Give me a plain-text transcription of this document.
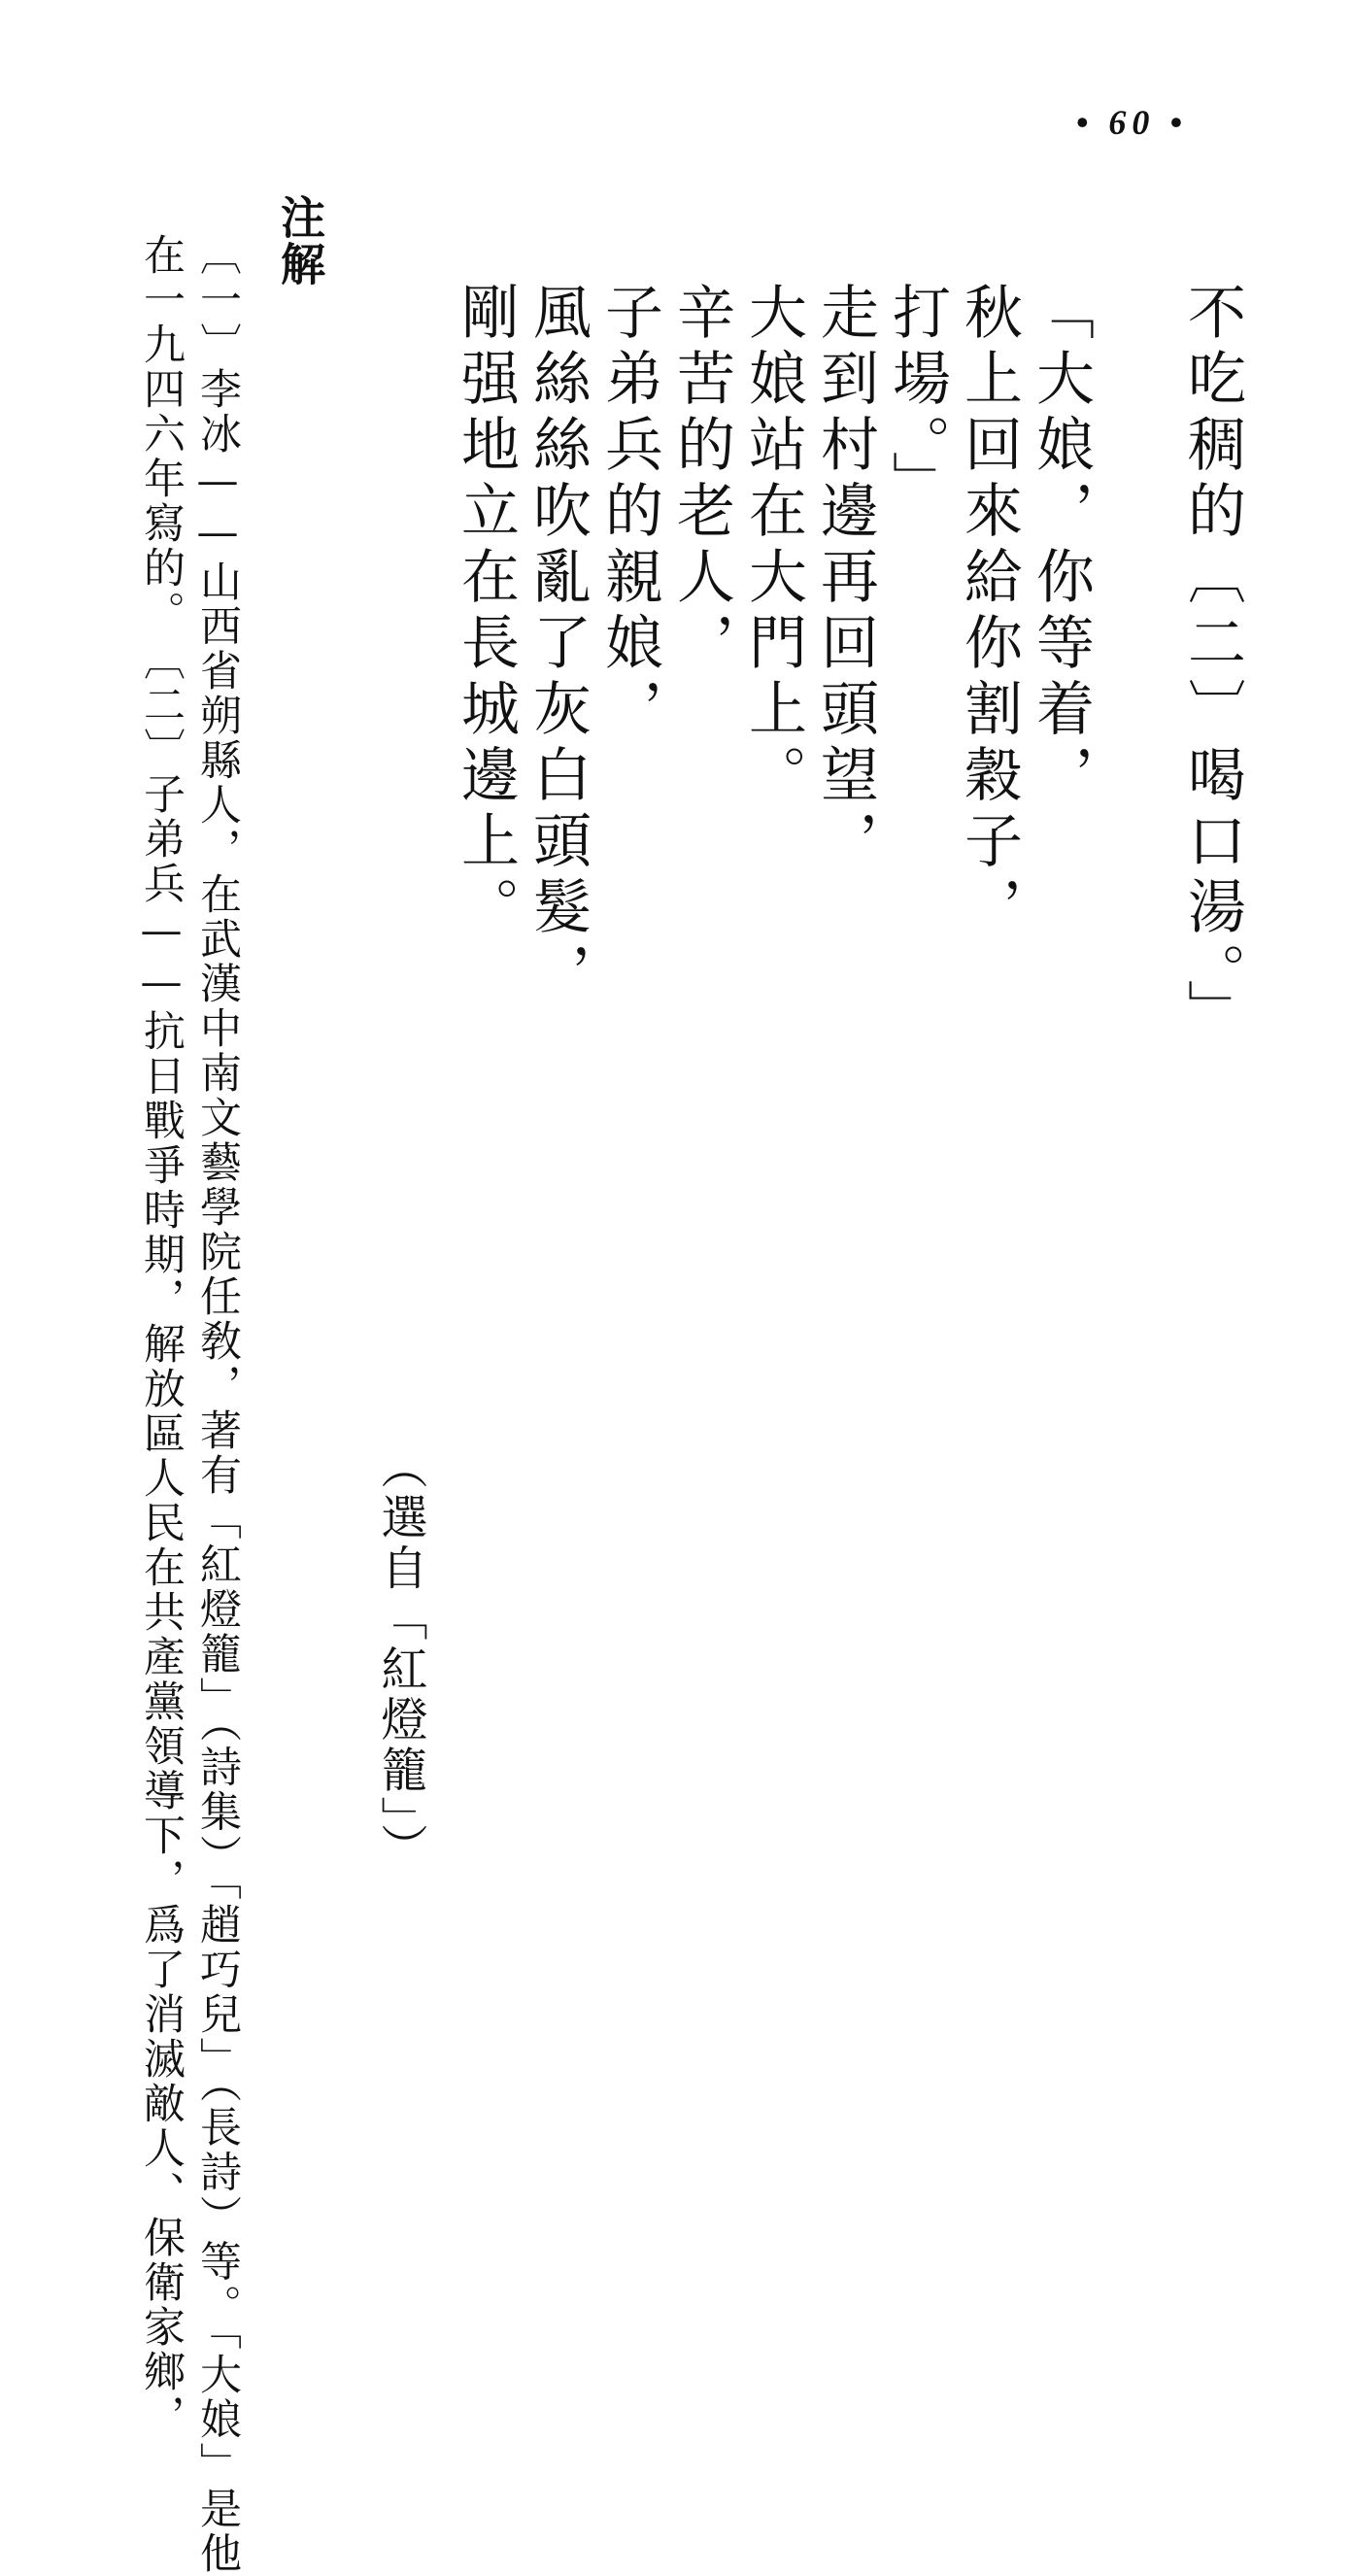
• 60 •
不吃稠的〔二〕喝口湯。」
「大娘，你等着，
秋上回來給你割穀子，
打場。」
走到村邊再回頭望，
大娘站在大門上。
辛苦的老人，
子弟兵的親娘，
風絲絲吹亂了灰白頭髮，
剛强地立在長城邊上。
（選自「紅燈籠」）
注解
〔一〕李冰——山西省朔縣人，在武漢中南文藝學院任敎，著有「紅燈籠」（詩集）「趙巧兒」（長詩）等。「大娘」是他
在一九四六年寫的。　〔二〕子弟兵——抗日戰爭時期，解放區人民在共產黨領導下，爲了消滅敵人、保衛家鄉，
